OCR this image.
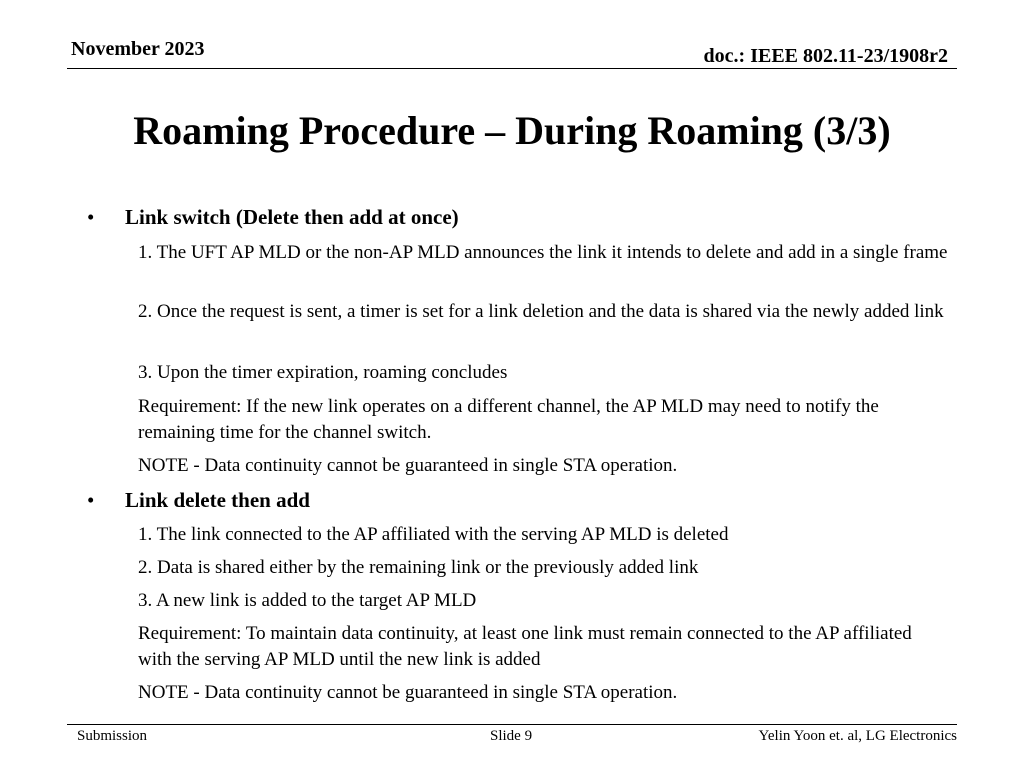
November 2023	doc.: IEEE 802.11-23/1908r2
Roaming Procedure – During Roaming (3/3)
• Link switch (Delete then add at once)
1. The UFT AP MLD or the non-AP MLD announces the link it intends to delete and add in a single frame
2. Once the request is sent, a timer is set for a link deletion and the data is shared via the newly added link
3. Upon the timer expiration, roaming concludes
Requirement: If the new link operates on a different channel, the AP MLD may need to notify the remaining time for the channel switch.
NOTE - Data continuity cannot be guaranteed in single STA operation.
• Link delete then add
1. The link connected to the AP affiliated with the serving AP MLD is deleted
2. Data is shared either by the remaining link or the previously added link
3. A new link is added to the target AP MLD
Requirement: To maintain data continuity, at least one link must remain connected to the AP affiliated with the serving AP MLD until the new link is added
NOTE - Data continuity cannot be guaranteed in single STA operation.
Submission	Slide 9	Yelin Yoon et. al, LG Electronics
